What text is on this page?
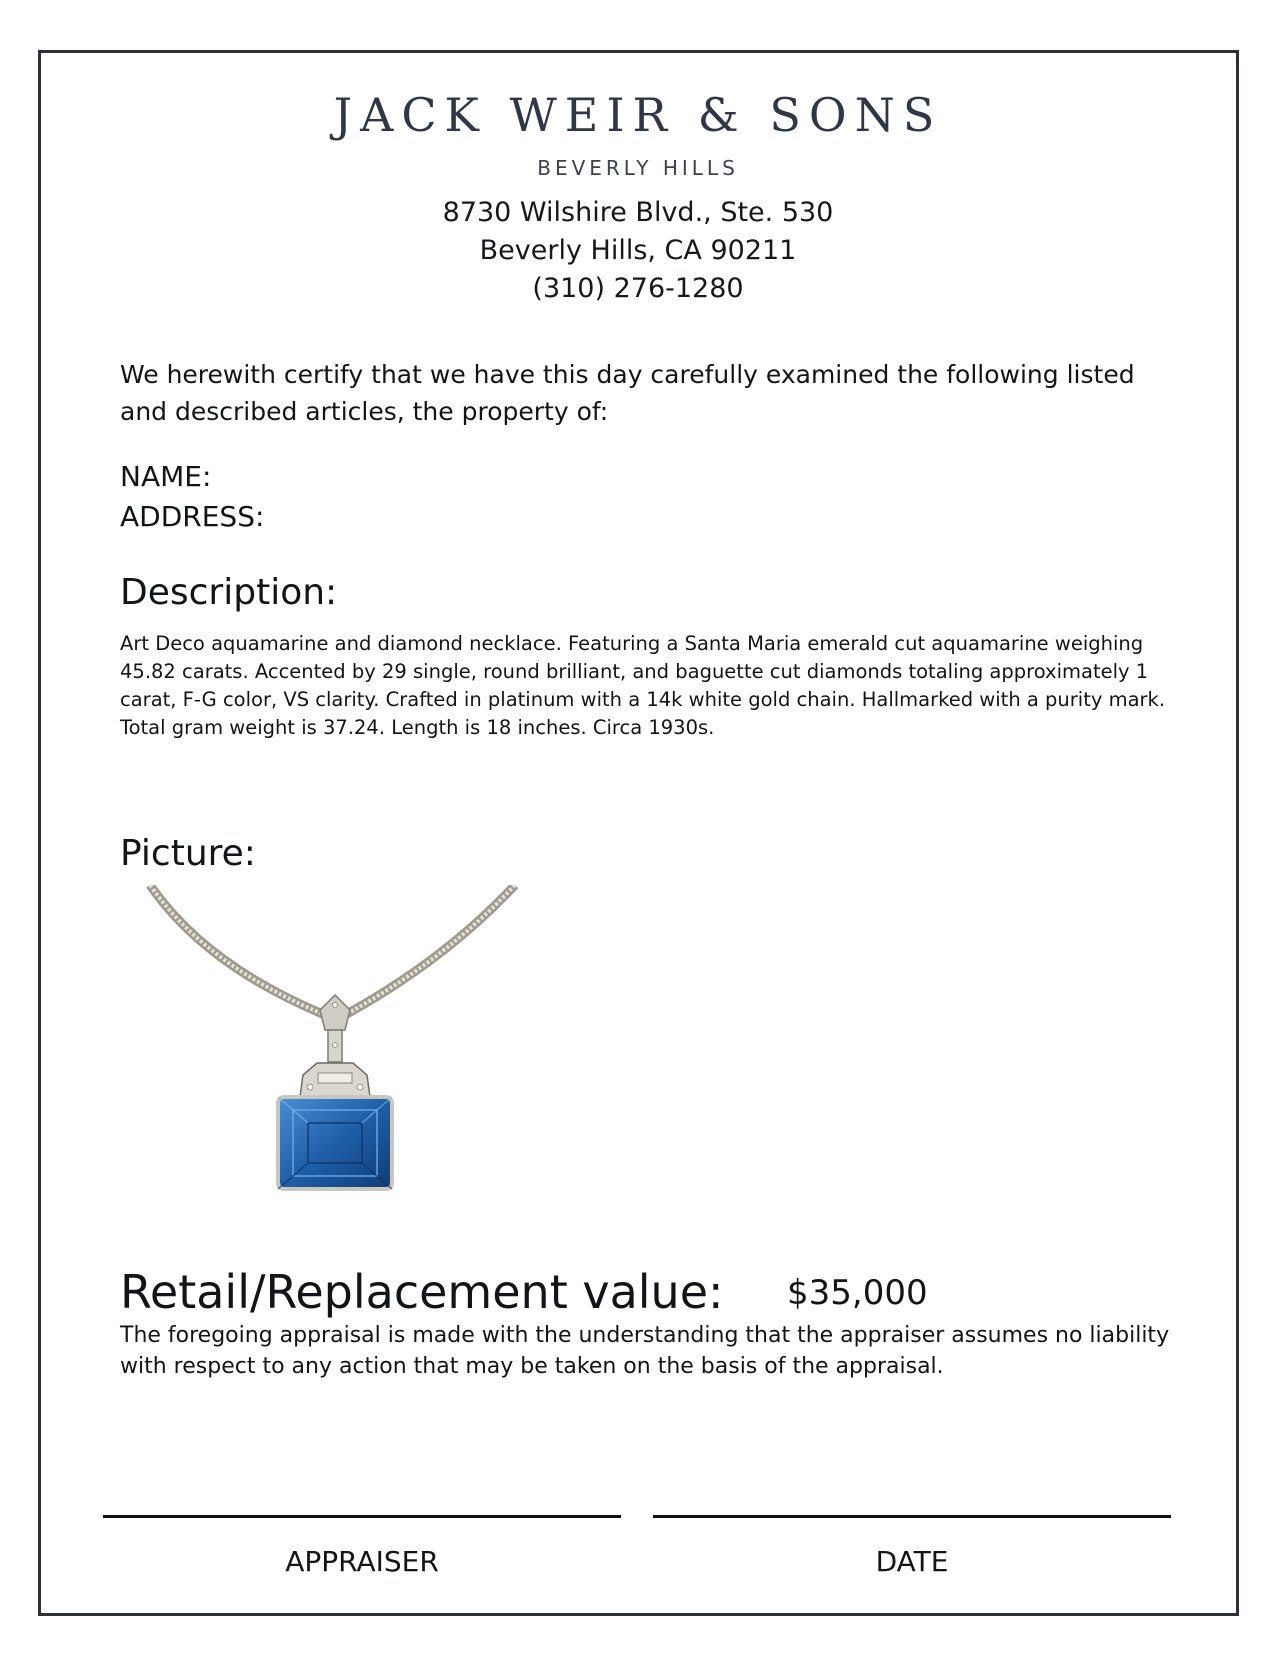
JACK WEIR & SONS
BEVERLY HILLS
8730 Wilshire Blvd., Ste. 530
Beverly Hills, CA 90211
(310) 276-1280
We herewith certify that we have this day carefully examined the following listed and described articles, the property of:
NAME:
ADDRESS:
Description:
Art Deco aquamarine and diamond necklace. Featuring a Santa Maria emerald cut aquamarine weighing 45.82 carats. Accented by 29 single, round brilliant, and baguette cut diamonds totaling approximately 1 carat, F-G color, VS clarity. Crafted in platinum with a 14k white gold chain. Hallmarked with a purity mark. Total gram weight is 37.24. Length is 18 inches. Circa 1930s.
Picture:
Retail/Replacement value: $35,000
The foregoing appraisal is made with the understanding that the appraiser assumes no liability with respect to any action that may be taken on the basis of the appraisal.
APPRAISER	DATE
